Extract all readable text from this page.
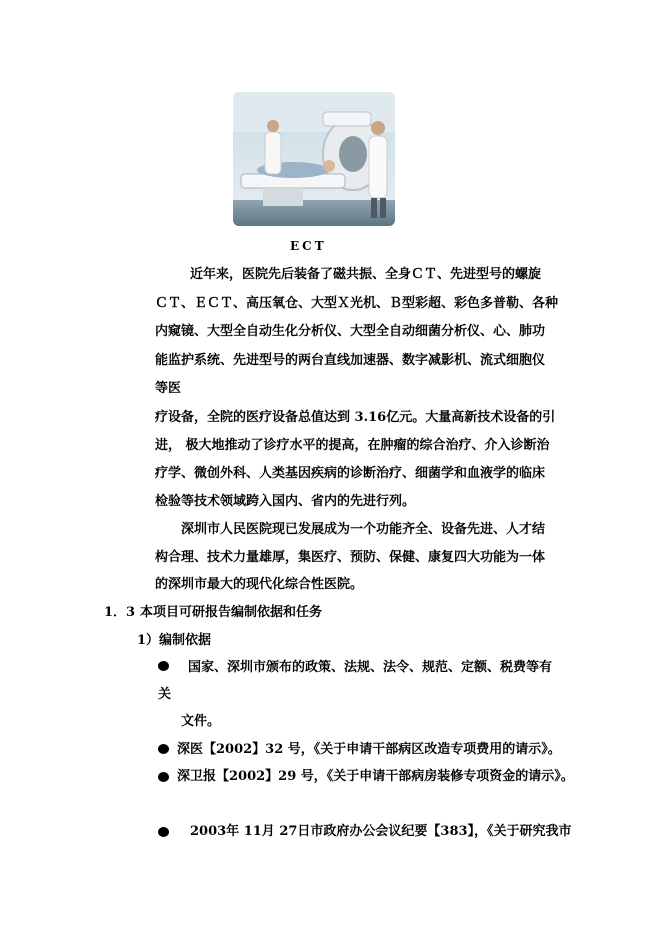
ECT
近年来，医院先后装备了磁共振、全身ＣＴ、先进型号的螺旋
ＣＴ、ＥＣＴ、高压氧仓、大型Ｘ光机、Ｂ型彩超、彩色多普勒、各种
内窥镜、大型全自动生化分析仪、大型全自动细菌分析仪、心、肺功
能监护系统、先进型号的两台直线加速器、数字减影机、流式细胞仪
等医
疗设备，全院的医疗设备总值达到 3.16亿元。大量高新技术设备的引
进， 极大地推动了诊疗水平的提高，在肿瘤的综合治疗、介入诊断治
疗学、微创外科、人类基因疾病的诊断治疗、细菌学和血液学的临床
检验等技术领域跨入国内、省内的先进行列。
深圳市人民医院现已发展成为一个功能齐全、设备先进、人才结
构合理、技术力量雄厚，集医疗、预防、保健、康复四大功能为一体
的深圳市最大的现代化综合性医院。
1．3 本项目可研报告编制依据和任务
1）编制依据
国家、深圳市颁布的政策、法规、法令、规范、定额、税费等有
关
文件。
深医【2002】32 号，《关于申请干部病区改造专项费用的请示》。
深卫报【2002】29 号，《关于申请干部病房装修专项资金的请示》。
2003年 11月 27日市政府办公会议纪要【383】，《关于研究我市
